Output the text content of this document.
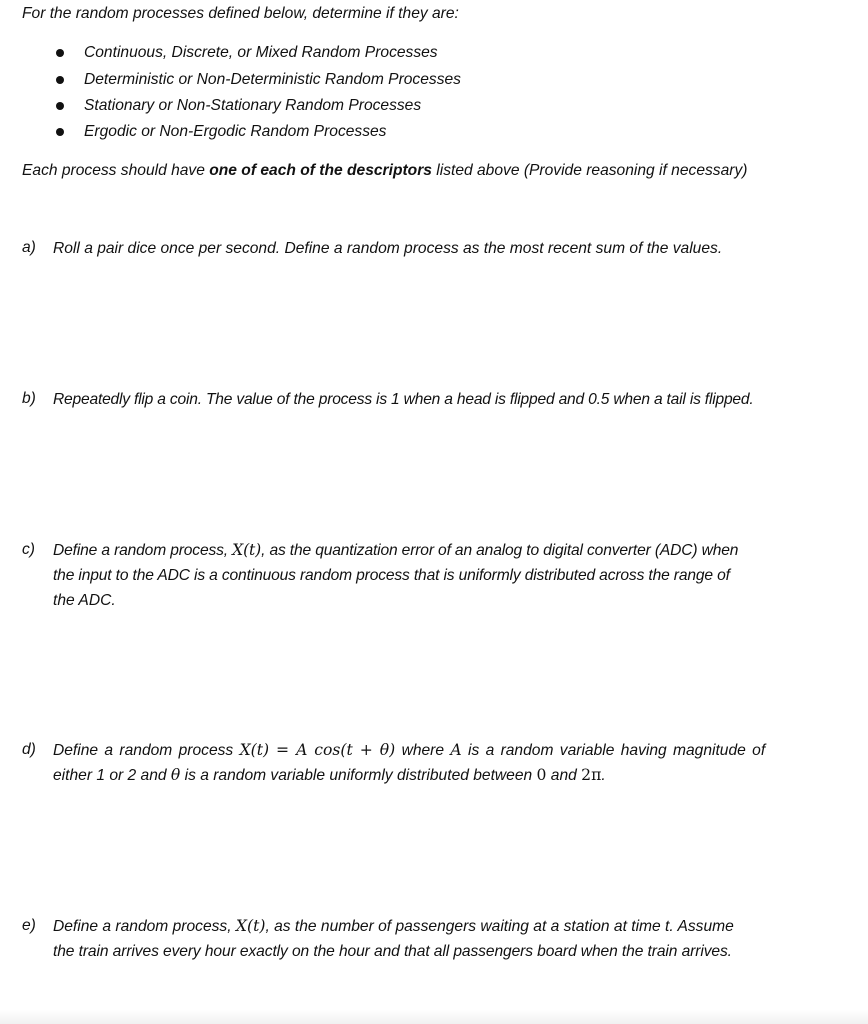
For the random processes defined below, determine if they are:
Continuous, Discrete, or Mixed Random Processes
Deterministic or Non-Deterministic Random Processes
Stationary or Non-Stationary Random Processes
Ergodic or Non-Ergodic Random Processes
Each process should have one of each of the descriptors listed above (Provide reasoning if necessary)
a) Roll a pair dice once per second. Define a random process as the most recent sum of the values.
b) Repeatedly flip a coin. The value of the process is 1 when a head is flipped and 0.5 when a tail is flipped.
c) Define a random process, X(t), as the quantization error of an analog to digital converter (ADC) when
the input to the ADC is a continuous random process that is uniformly distributed across the range of
the ADC.
d) Define a random process X(t) = A cos(t + θ) where A is a random variable having magnitude of
either 1 or 2 and θ is a random variable uniformly distributed between 0 and 2π.
e) Define a random process, X(t), as the number of passengers waiting at a station at time t. Assume
the train arrives every hour exactly on the hour and that all passengers board when the train arrives.
